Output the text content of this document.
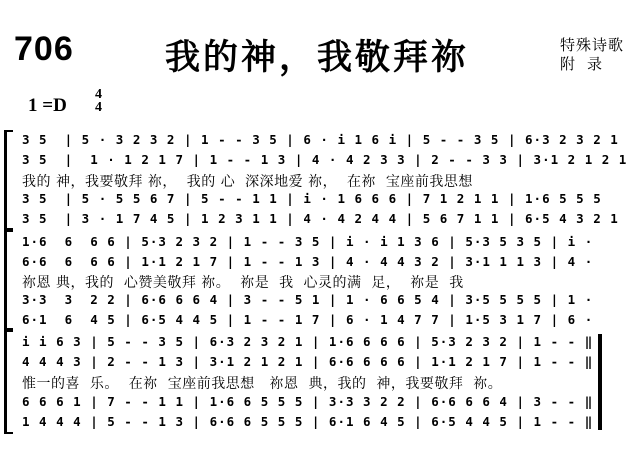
706	我的神，我敬拜祢	特殊诗歌
附录
1 =D
4
4
3 5  | 5 · 3 2 3 2 | 1 - - 3 5 | 6 · i 1 6 i | 5 - - 3 5 | 6·3 2 3 2 1
3 5  |  1 · 1 2 1 7 | 1 - - 1 3 | 4 · 4 2 3 3 | 2 - - 3 3 | 3·1 2 1 2 1
我的 神，我要敬拜 祢，  我的 心  深深地爱 祢，  在祢  宝座前我思想
3 5  | 5 · 5 5 6 7 | 5 - - 1 1 | i · 1 6 6 6 | 7 1 2 1 1 | 1·6 5 5 5
3 5  | 3 · 1 7 4 5 | 1 2 3 1 1 | 4 · 4 2 4 4 | 5 6 7 1 1 | 6·5 4 3 2 1
1·6  6  6 6 | 5·3 2 3 2 | 1 - - 3 5 | i · i 1 3 6 | 5·3 5 3 5 | i ·
6·6  6  6 6 | 1·1 2 1 7 | 1 - - 1 3 | 4 · 4 4 3 2 | 3·1 1 1 3 | 4 ·
祢恩 典，我的  心赞美敬拜 祢。  祢是  我  心灵的满  足，  祢是  我
3·3  3  2 2 | 6·6 6 6 4 | 3 - - 5 1 | 1 · 6 6 5 4 | 3·5 5 5 5 | 1 ·
6·1  6  4 5 | 6·5 4 4 5 | 1 - - 1 7 | 6 · 1 4 7 7 | 1·5 3 1 7 | 6 ·
i i 6 3 | 5 - - 3 5 | 6·3 2 3 2 1 | 1·6 6 6 6 | 5·3 2 3 2 | 1 - - ‖
4 4 4 3 | 2 - - 1 3 | 3·1 2 1 2 1 | 6·6 6 6 6 | 1·1 2 1 7 | 1 - - ‖
惟一的喜  乐。  在祢  宝座前我思想   祢恩  典，我的  神，我要敬拜  祢。
6 6 6 1 | 7 - - 1 1 | 1·6 6 5 5 5 | 3·3 3 2 2 | 6·6 6 6 4 | 3 - - ‖
1 4 4 4 | 5 - - 1 3 | 6·6 6 5 5 5 | 6·1 6 4 5 | 6·5 4 4 5 | 1 - - ‖
